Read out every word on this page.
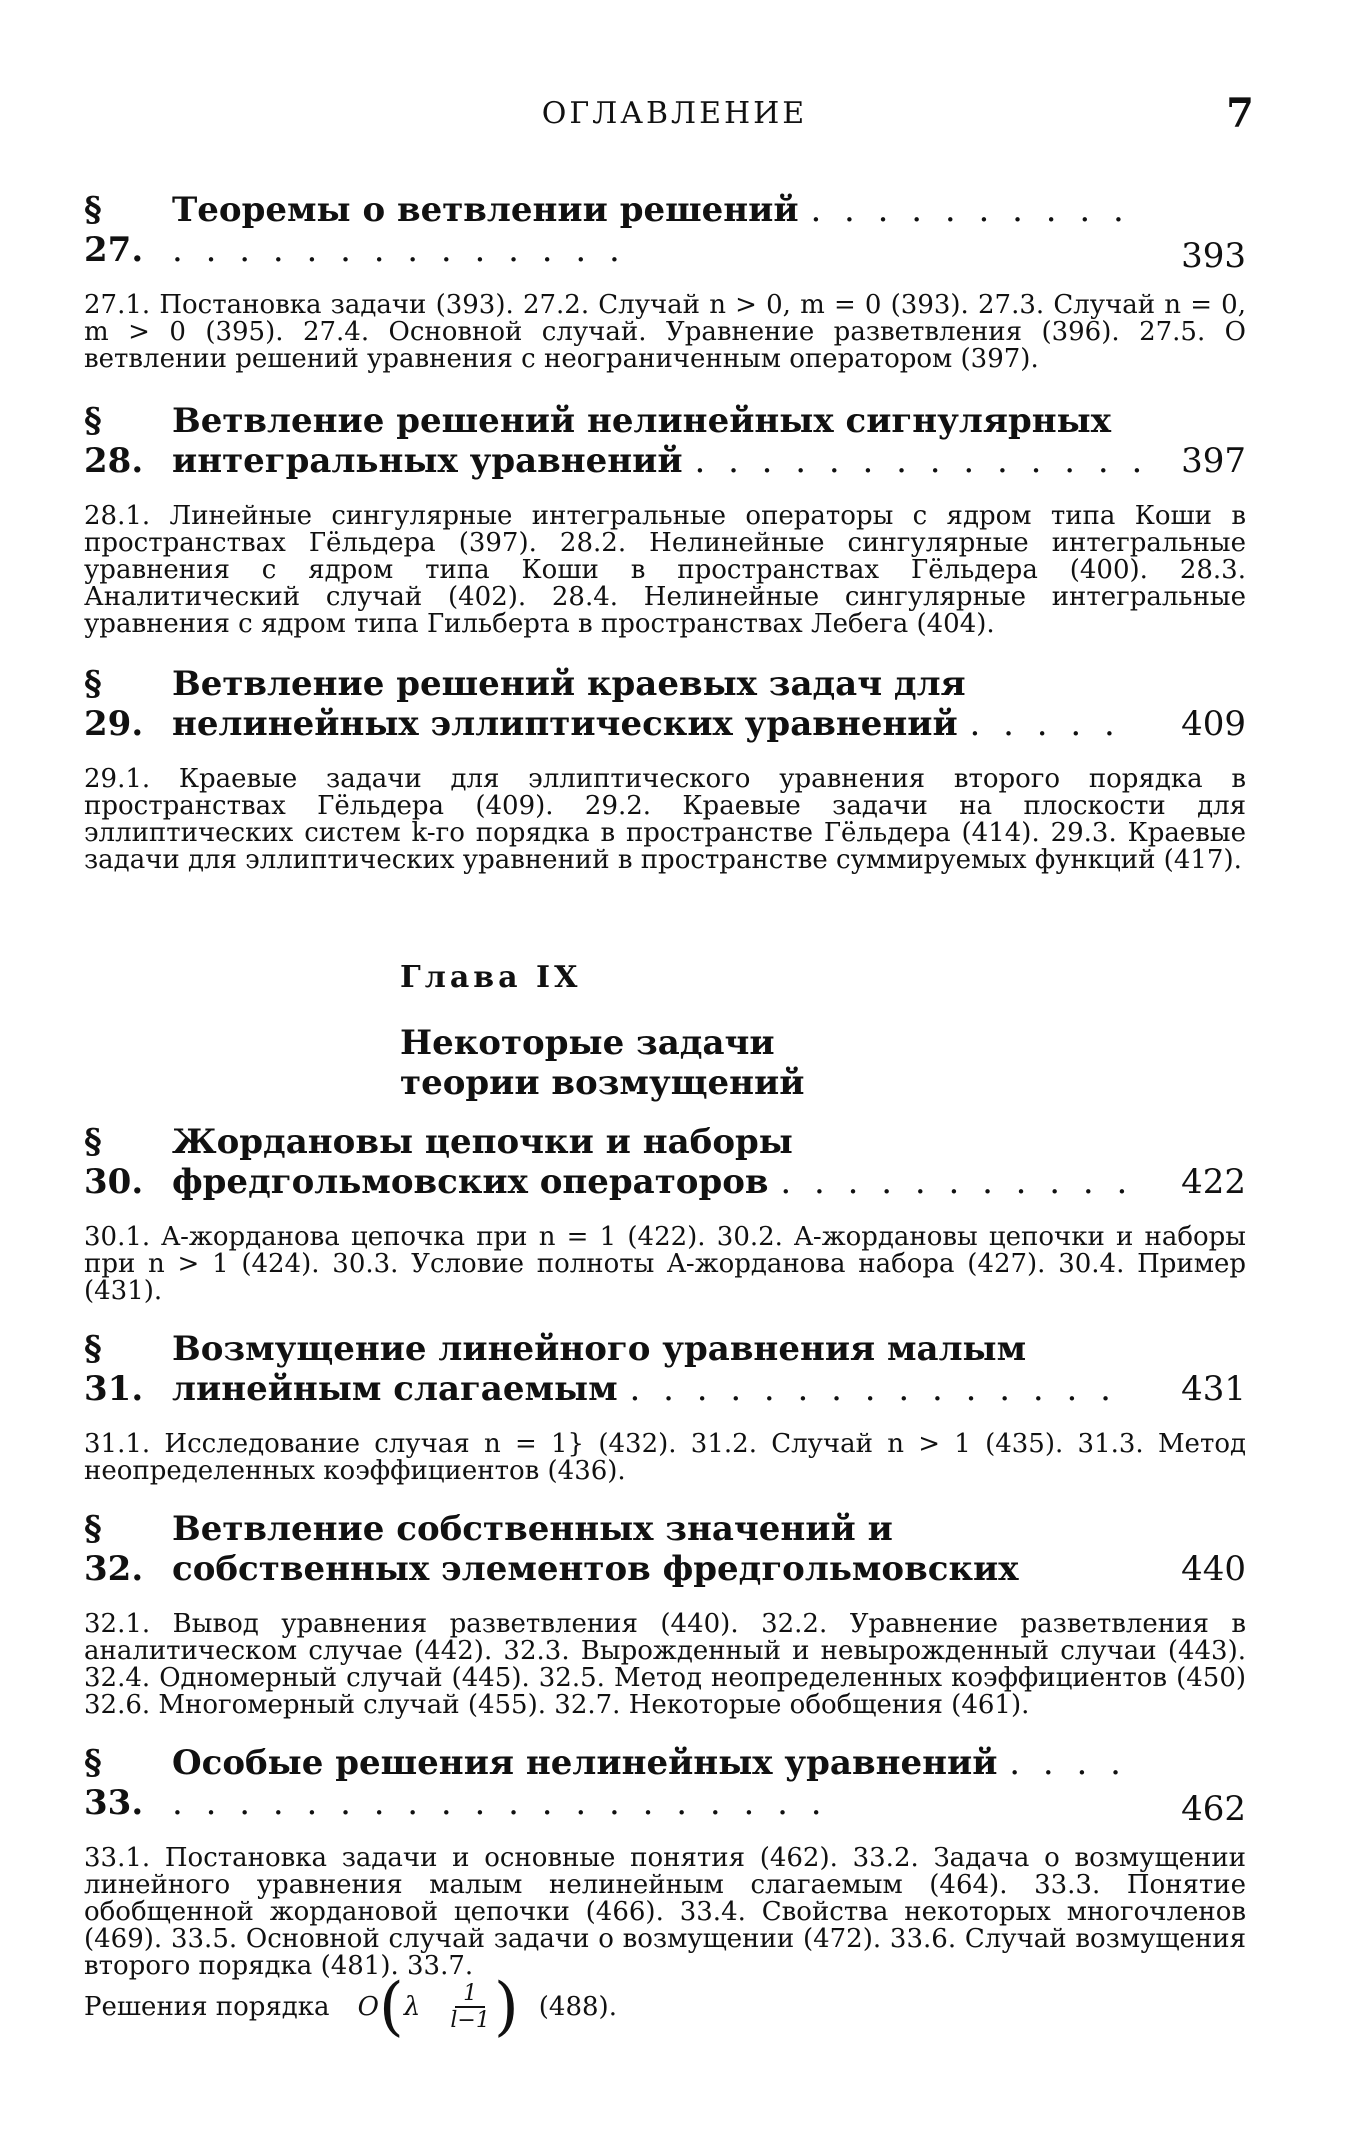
ОГЛАВЛЕНИЕ	7
§ 27.
Теоремы о ветвлении решений . . . . . . . . . . . . . . . . . . . . . . . .	393
27.1. Постановка задачи (393). 27.2. Случай n > 0, m = 0 (393). 27.3. Случай n = 0, m > 0 (395). 27.4. Основной случай. Уравнение разветвления (396). 27.5. О ветвлении решений уравнения с неограниченным оператором (397).
§ 28.
Ветвление решений нелинейных сигнулярных интегральных уравнений . . . . . . . . . . . . . . 397
28.1. Линейные сингулярные интегральные операторы с ядром типа Коши в пространствах Гёльдера (397). 28.2. Нелинейные сингулярные интегральные уравнения с ядром типа Коши в пространствах Гёльдера (400). 28.3. Аналитический случай (402). 28.4. Нелинейные сингулярные интегральные уравнения с ядром типа Гильберта в пространствах Лебега (404).
§ 29.
Ветвление решений краевых задач для нелинейных эллиптических уравнений . . . . .	409
29.1. Краевые задачи для эллиптического уравнения второго порядка в пространствах Гёльдера (409). 29.2. Краевые задачи на плоскости для эллиптических систем k-го порядка в пространстве Гёльдера (414). 29.3. Краевые задачи для эллиптических уравнений в пространстве суммируемых функций (417).
Глава IX
Некоторые задачи
теории возмущений
§ 30.
Жордановы цепочки и наборы фредгольмовских операторов . . . . . . . . . . .	422
30.1. A-жорданова цепочка при n = 1 (422). 30.2. A-жордановы цепочки и наборы при n > 1 (424). 30.3. Условие полноты A-жорданова набора (427). 30.4. Пример (431).
§ 31.
Возмущение линейного уравнения малым линейным слагаемым . . . . . . . . . . . . . . .	431
31.1. Исследование случая n = 1} (432). 31.2. Случай n > 1 (435). 31.3. Метод неопределенных коэффициентов (436).
§ 32.
Ветвление собственных значений и собственных элементов фредгольмовских	440
32.1. Вывод уравнения разветвления (440). 32.2. Уравнение разветвления в аналитическом случае (442). 32.3. Вырожденный и невырожденный случаи (443). 32.4. Одномерный случай (445). 32.5. Метод неопределенных коэффициентов (450) 32.6. Многомерный случай (455). 32.7. Некоторые обобщения (461).
§ 33.
Особые решения нелинейных уравнений . . . . . . . . . . . . . . . . . . . . . . . .	462
33.1. Постановка задачи и основные понятия (462). 33.2. Задача о возмущении линейного уравнения малым нелинейным слагаемым (464). 33.3. Понятие обобщенной жордановой цепочки (466). 33.4. Свойства некоторых многочленов (469). 33.5. Основной случай задачи о возмущении (472). 33.6. Случай возмущения второго порядка (481). 33.7.
Решения порядка O ( λ $\frac{1}{l-1}$ ) (488).
